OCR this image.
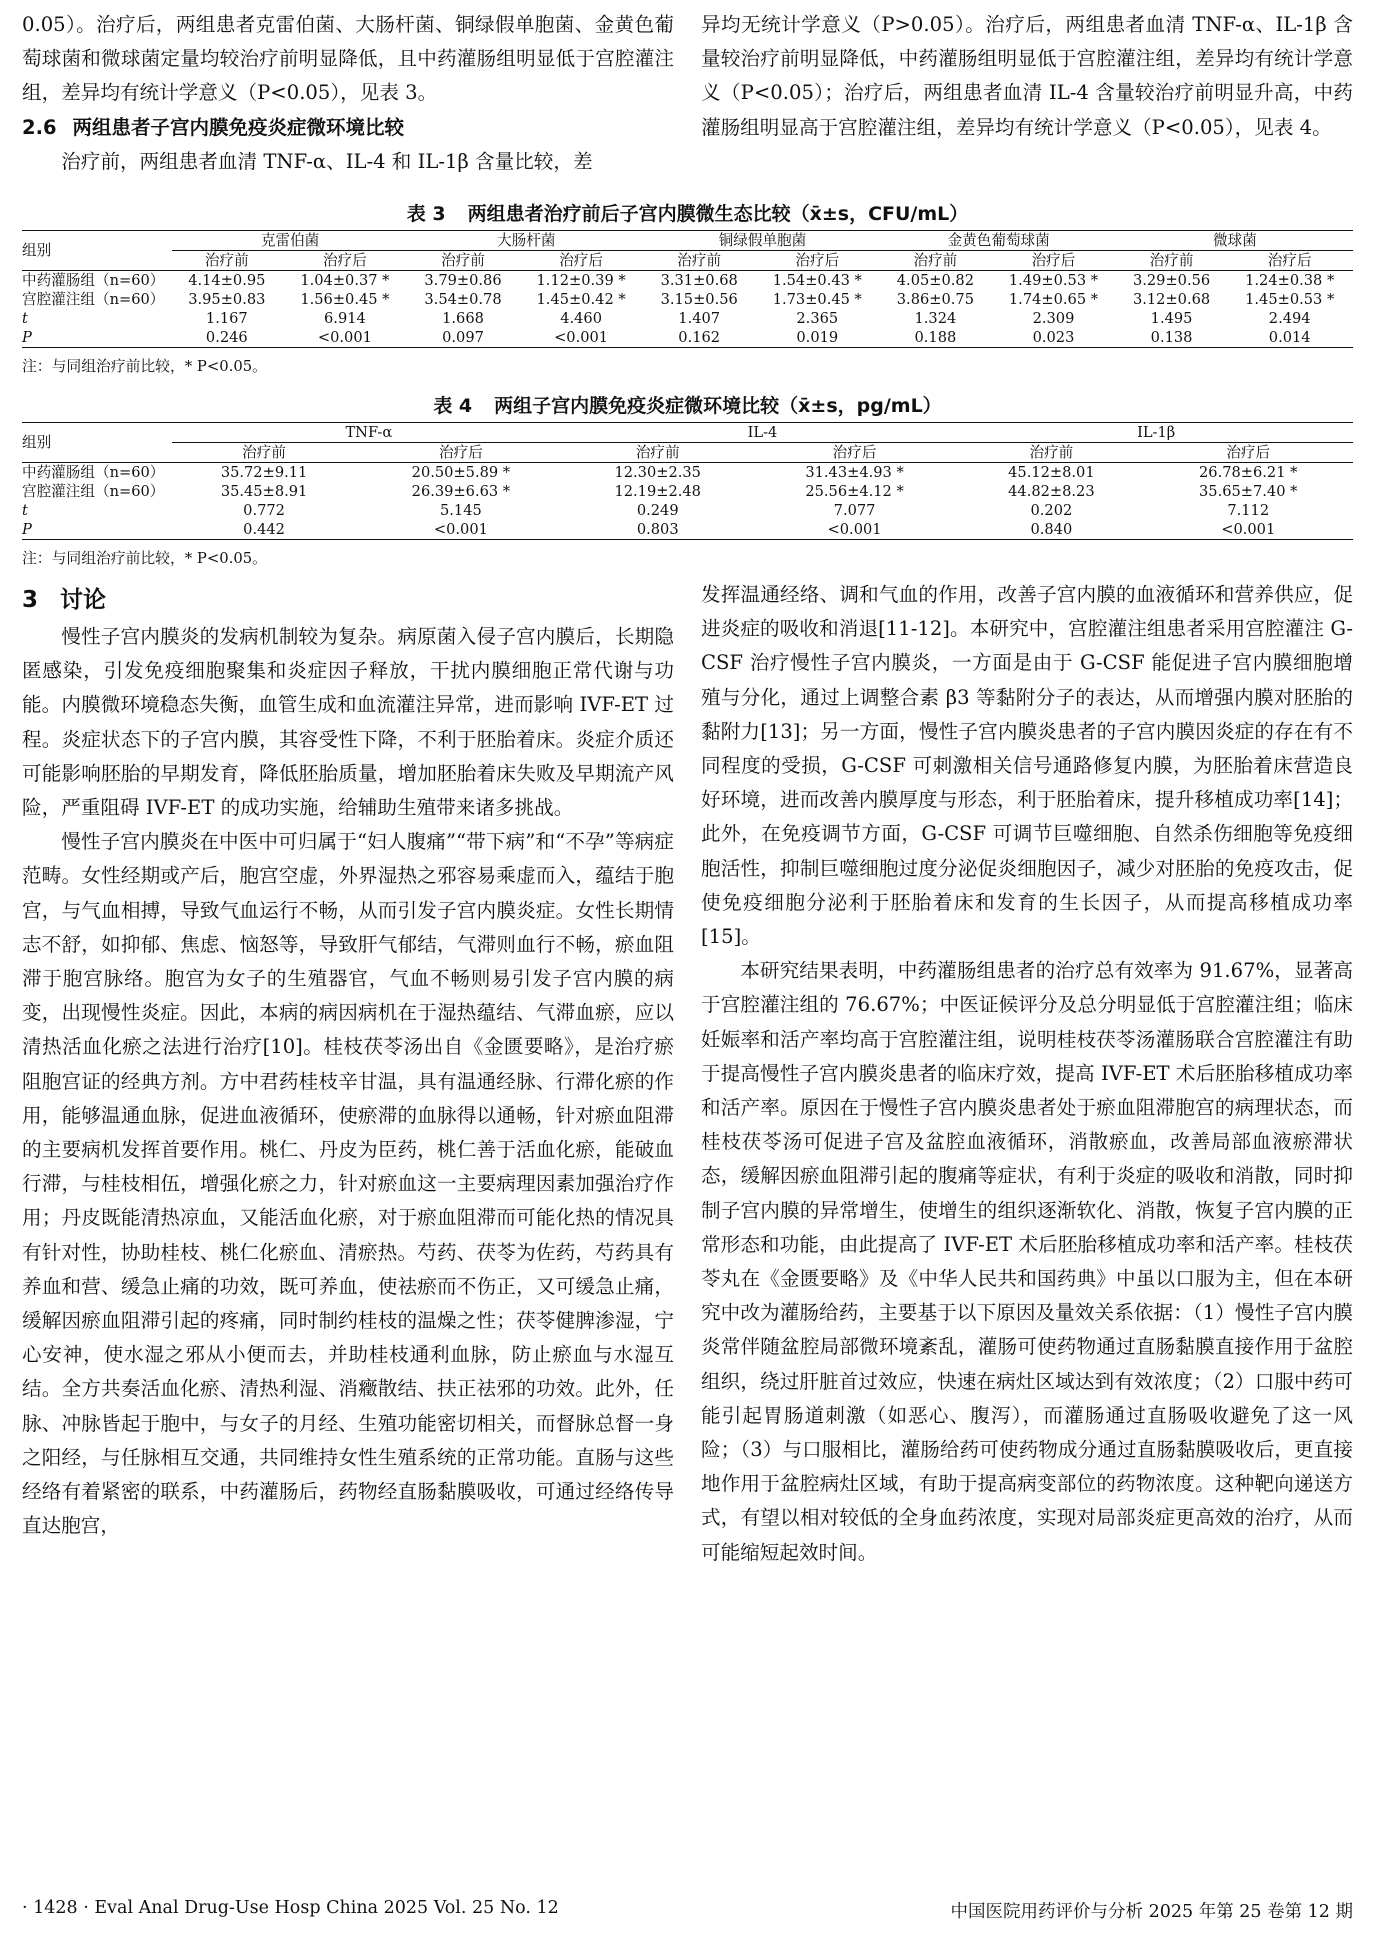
0.05）。治疗后，两组患者克雷伯菌、大肠杆菌、铜绿假单胞菌、金黄色葡萄球菌和微球菌定量均较治疗前明显降低，且中药灌肠组明显低于宫腔灌注组，差异均有统计学意义（P<0.05），见表 3。

2.6 两组患者子宫内膜免疫炎症微环境比较

治疗前，两组患者血清 TNF-α、IL-4 和 IL-1β 含量比较，差

异均无统计学意义（P>0.05）。治疗后，两组患者血清 TNF-α、IL-1β 含量较治疗前明显降低，中药灌肠组明显低于宫腔灌注组，差异均有统计学意义（P<0.05）；治疗后，两组患者血清 IL-4 含量较治疗前明显升高，中药灌肠组明显高于宫腔灌注组，差异均有统计学意义（P<0.05），见表 4。

表 3 两组患者治疗前后子宫内膜微生态比较（x̄±s，CFU/mL）
组别	克雷伯菌		大肠杆菌		铜绿假单胞菌		金黄色葡萄球菌		微球菌	
	治疗前	治疗后	治疗前	治疗后	治疗前	治疗后	治疗前	治疗后	治疗前	治疗后
中药灌肠组（n=60）	4.14±0.95	1.04±0.37 *	3.79±0.86	1.12±0.39 *	3.31±0.68	1.54±0.43 *	4.05±0.82	1.49±0.53 *	3.29±0.56	1.24±0.38 *
宫腔灌注组（n=60）	3.95±0.83	1.56±0.45 *	3.54±0.78	1.45±0.42 *	3.15±0.56	1.73±0.45 *	3.86±0.75	1.74±0.65 *	3.12±0.68	1.45±0.53 *
t	1.167	6.914	1.668	4.460	1.407	2.365	1.324	2.309	1.495	2.494
P	0.246	<0.001	0.097	<0.001	0.162	0.019	0.188	0.023	0.138	0.014
注：与同组治疗前比较，* P<0.05。
表 4 两组子宫内膜免疫炎症微环境比较（x̄±s，pg/mL）
组别	TNF-α		IL-4		IL-1β	
	治疗前	治疗后	治疗前	治疗后	治疗前	治疗后
中药灌肠组（n=60）	35.72±9.11	20.50±5.89 *	12.30±2.35	31.43±4.93 *	45.12±8.01	26.78±6.21 *
宫腔灌注组（n=60）	35.45±8.91	26.39±6.63 *	12.19±2.48	25.56±4.12 *	44.82±8.23	35.65±7.40 *
t	0.772	5.145	0.249	7.077	0.202	7.112
P	0.442	<0.001	0.803	<0.001	0.840	<0.001
注：与同组治疗前比较，* P<0.05。
3 讨论

慢性子宫内膜炎的发病机制较为复杂。病原菌入侵子宫内膜后，长期隐匿感染，引发免疫细胞聚集和炎症因子释放，干扰内膜细胞正常代谢与功能。内膜微环境稳态失衡，血管生成和血流灌注异常，进而影响 IVF-ET 过程。炎症状态下的子宫内膜，其容受性下降，不利于胚胎着床。炎症介质还可能影响胚胎的早期发育，降低胚胎质量，增加胚胎着床失败及早期流产风险，严重阻碍 IVF-ET 的成功实施，给辅助生殖带来诸多挑战。

慢性子宫内膜炎在中医中可归属于“妇人腹痛”“带下病”和“不孕”等病症范畴。女性经期或产后，胞宫空虚，外界湿热之邪容易乘虚而入，蕴结于胞宫，与气血相搏，导致气血运行不畅，从而引发子宫内膜炎症。女性长期情志不舒，如抑郁、焦虑、恼怒等，导致肝气郁结，气滞则血行不畅，瘀血阻滞于胞宫脉络。胞宫为女子的生殖器官，气血不畅则易引发子宫内膜的病变，出现慢性炎症。因此，本病的病因病机在于湿热蕴结、气滞血瘀，应以清热活血化瘀之法进行治疗[10]。桂枝茯苓汤出自《金匮要略》，是治疗瘀阻胞宫证的经典方剂。方中君药桂枝辛甘温，具有温通经脉、行滞化瘀的作用，能够温通血脉，促进血液循环，使瘀滞的血脉得以通畅，针对瘀血阻滞的主要病机发挥首要作用。桃仁、丹皮为臣药，桃仁善于活血化瘀，能破血行滞，与桂枝相伍，增强化瘀之力，针对瘀血这一主要病理因素加强治疗作用；丹皮既能清热凉血，又能活血化瘀，对于瘀血阻滞而可能化热的情况具有针对性，协助桂枝、桃仁化瘀血、清瘀热。芍药、茯苓为佐药，芍药具有养血和营、缓急止痛的功效，既可养血，使祛瘀而不伤正，又可缓急止痛，缓解因瘀血阻滞引起的疼痛，同时制约桂枝的温燥之性；茯苓健脾渗湿，宁心安神，使水湿之邪从小便而去，并助桂枝通利血脉，防止瘀血与水湿互结。全方共奏活血化瘀、清热利湿、消癥散结、扶正祛邪的功效。此外，任脉、冲脉皆起于胞中，与女子的月经、生殖功能密切相关，而督脉总督一身之阳经，与任脉相互交通，共同维持女性生殖系统的正常功能。直肠与这些经络有着紧密的联系，中药灌肠后，药物经直肠黏膜吸收，可通过经络传导直达胞宫，

发挥温通经络、调和气血的作用，改善子宫内膜的血液循环和营养供应，促进炎症的吸收和消退[11-12]。本研究中，宫腔灌注组患者采用宫腔灌注 G-CSF 治疗慢性子宫内膜炎，一方面是由于 G-CSF 能促进子宫内膜细胞增殖与分化，通过上调整合素 β3 等黏附分子的表达，从而增强内膜对胚胎的黏附力[13]；另一方面，慢性子宫内膜炎患者的子宫内膜因炎症的存在有不同程度的受损，G-CSF 可刺激相关信号通路修复内膜，为胚胎着床营造良好环境，进而改善内膜厚度与形态，利于胚胎着床，提升移植成功率[14]；此外，在免疫调节方面，G-CSF 可调节巨噬细胞、自然杀伤细胞等免疫细胞活性，抑制巨噬细胞过度分泌促炎细胞因子，减少对胚胎的免疫攻击，促使免疫细胞分泌利于胚胎着床和发育的生长因子，从而提高移植成功率[15]。

本研究结果表明，中药灌肠组患者的治疗总有效率为 91.67%，显著高于宫腔灌注组的 76.67%；中医证候评分及总分明显低于宫腔灌注组；临床妊娠率和活产率均高于宫腔灌注组，说明桂枝茯苓汤灌肠联合宫腔灌注有助于提高慢性子宫内膜炎患者的临床疗效，提高 IVF-ET 术后胚胎移植成功率和活产率。原因在于慢性子宫内膜炎患者处于瘀血阻滞胞宫的病理状态，而桂枝茯苓汤可促进子宫及盆腔血液循环，消散瘀血，改善局部血液瘀滞状态，缓解因瘀血阻滞引起的腹痛等症状，有利于炎症的吸收和消散，同时抑制子宫内膜的异常增生，使增生的组织逐渐软化、消散，恢复子宫内膜的正常形态和功能，由此提高了 IVF-ET 术后胚胎移植成功率和活产率。桂枝茯苓丸在《金匮要略》及《中华人民共和国药典》中虽以口服为主，但在本研究中改为灌肠给药，主要基于以下原因及量效关系依据：（1）慢性子宫内膜炎常伴随盆腔局部微环境紊乱，灌肠可使药物通过直肠黏膜直接作用于盆腔组织，绕过肝脏首过效应，快速在病灶区域达到有效浓度；（2）口服中药可能引起胃肠道刺激（如恶心、腹泻），而灌肠通过直肠吸收避免了这一风险；（3）与口服相比，灌肠给药可使药物成分通过直肠黏膜吸收后，更直接地作用于盆腔病灶区域，有助于提高病变部位的药物浓度。这种靶向递送方式，有望以相对较低的全身血药浓度，实现对局部炎症更高效的治疗，从而可能缩短起效时间。

· 1428 · Eval Anal Drug-Use Hosp China 2025 Vol. 25 No. 12	中国医院用药评价与分析 2025 年第 25 卷第 12 期
